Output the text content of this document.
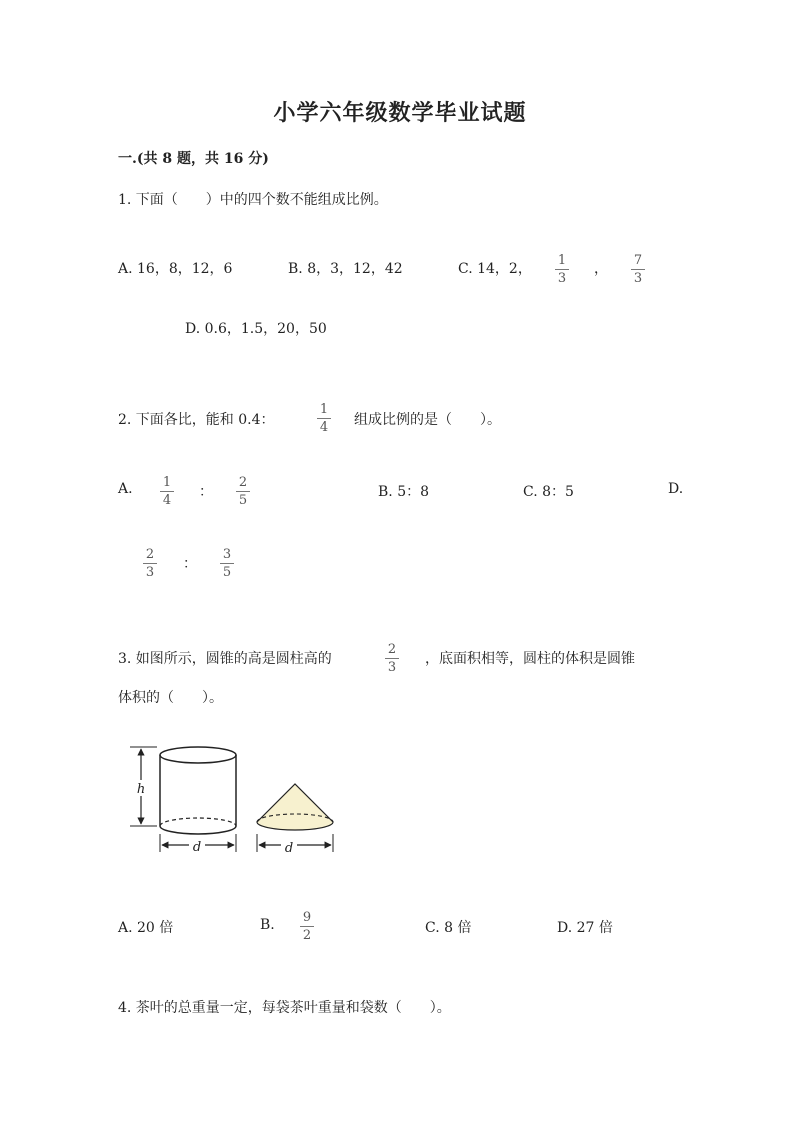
小学六年级数学毕业试题
一.(共 8 题，共 16 分)
1. 下面（　　）中的四个数不能组成比例。
A. 16，8，12，6	B. 8，3，12，42	C. 14，2，
1
3
，
7
3
D. 0.6，1.5，20，50
2. 下面各比，能和 0.4：
1
4 组成比例的是（　　）。
A. 1
4
：
2
5
B. 5：8	C. 8：5	D.
2
3
：
3
5
3. 如图所示，圆锥的高是圆柱高的
2
3
，底面积相等，圆柱的体积是圆锥
体积的（　　）。
h
d	d
A. 20 倍	B. 9
2	C. 8 倍	D. 27 倍
4. 茶叶的总重量一定，每袋茶叶重量和袋数（　　）。
